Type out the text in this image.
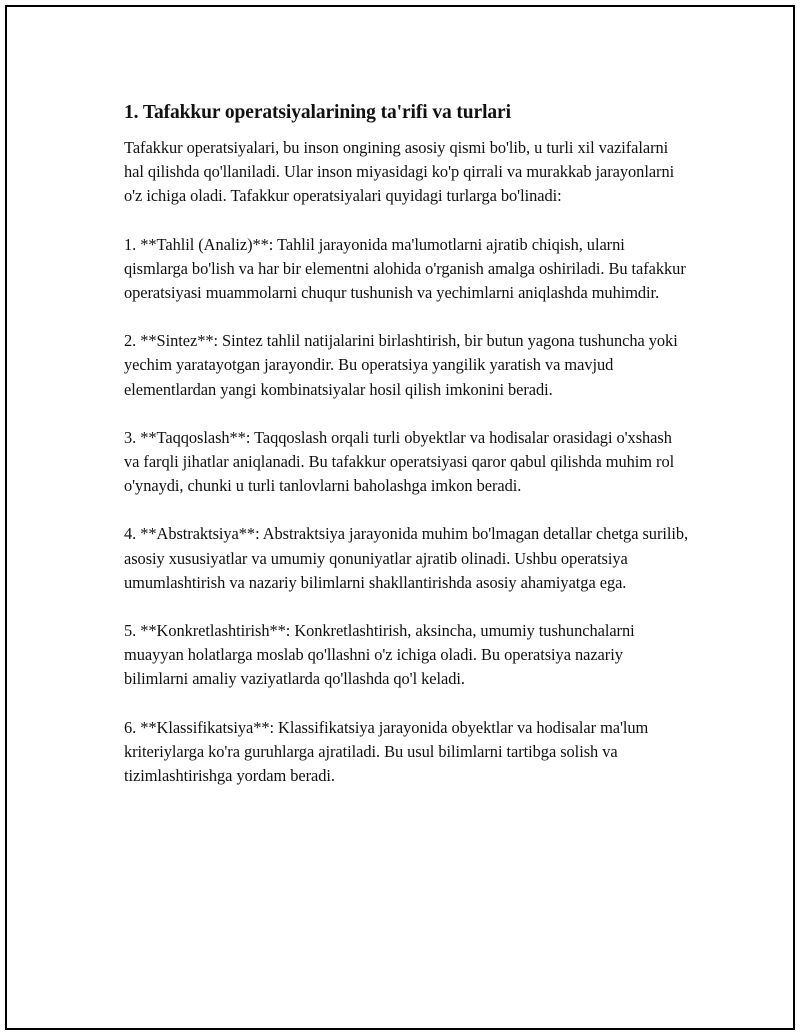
1. Tafakkur operatsiyalarining ta'rifi va turlari

Tafakkur operatsiyalari, bu inson ongining asosiy qismi bo'lib, u turli xil vazifalarni hal qilishda qo'llaniladi. Ular inson miyasidagi ko'p qirrali va murakkab jarayonlarni o'z ichiga oladi. Tafakkur operatsiyalari quyidagi turlarga bo'linadi:

1. **Tahlil (Analiz)**: Tahlil jarayonida ma'lumotlarni ajratib chiqish, ularni qismlarga bo'lish va har bir elementni alohida o'rganish amalga oshiriladi. Bu tafakkur operatsiyasi muammolarni chuqur tushunish va yechimlarni aniqlashda muhimdir.

2. **Sintez**: Sintez tahlil natijalarini birlashtirish, bir butun yagona tushuncha yoki yechim yaratayotgan jarayondir. Bu operatsiya yangilik yaratish va mavjud elementlardan yangi kombinatsiyalar hosil qilish imkonini beradi.

3. **Taqqoslash**: Taqqoslash orqali turli obyektlar va hodisalar orasidagi o'xshash va farqli jihatlar aniqlanadi. Bu tafakkur operatsiyasi qaror qabul qilishda muhim rol o'ynaydi, chunki u turli tanlovlarni baholashga imkon beradi.

4. **Abstraktsiya**: Abstraktsiya jarayonida muhim bo'lmagan detallar chetga surilib, asosiy xususiyatlar va umumiy qonuniyatlar ajratib olinadi. Ushbu operatsiya umumlashtirish va nazariy bilimlarni shakllantirishda asosiy ahamiyatga ega.

5. **Konkretlashtirish**: Konkretlashtirish, aksincha, umumiy tushunchalarni muayyan holatlarga moslab qo'llashni o'z ichiga oladi. Bu operatsiya nazariy bilimlarni amaliy vaziyatlarda qo'llashda qo'l keladi.

6. **Klassifikatsiya**: Klassifikatsiya jarayonida obyektlar va hodisalar ma'lum kriteriylarga ko'ra guruhlarga ajratiladi. Bu usul bilimlarni tartibga solish va tizimlashtirishga yordam beradi.
